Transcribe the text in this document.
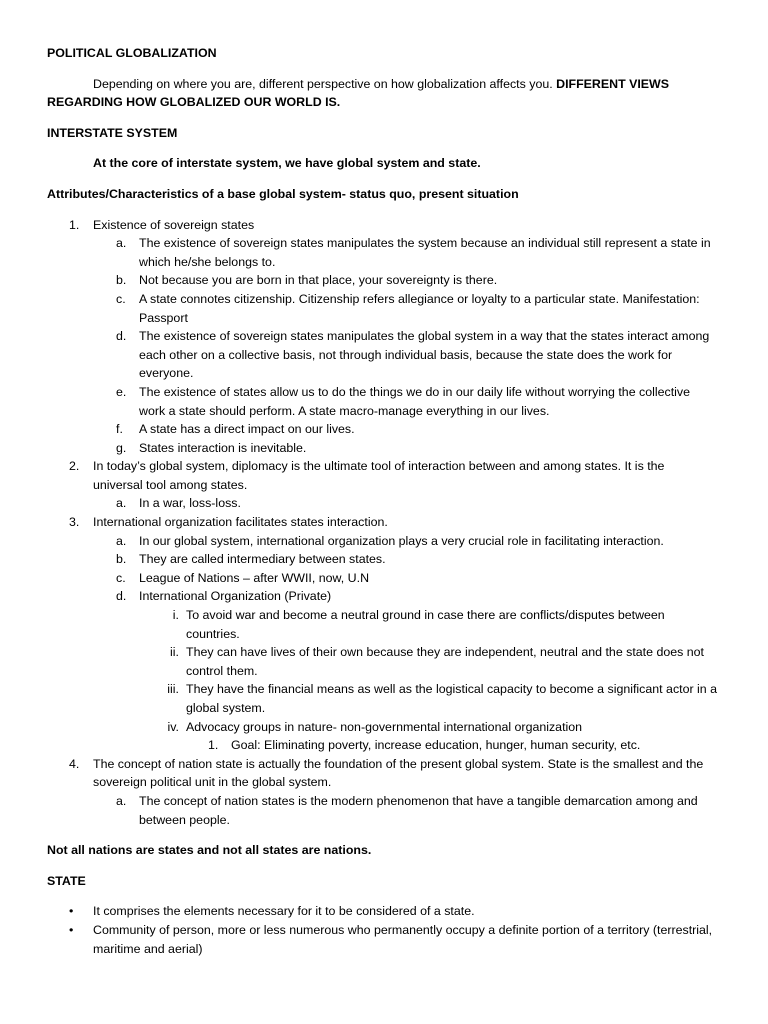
POLITICAL GLOBALIZATION

Depending on where you are, different perspective on how globalization affects you. DIFFERENT VIEWS REGARDING HOW GLOBALIZED OUR WORLD IS.

INTERSTATE SYSTEM

At the core of interstate system, we have global system and state.

Attributes/Characteristics of a base global system- status quo, present situation

1. Existence of sovereign states
a. The existence of sovereign states manipulates the system because an individual still represent a state in which he/she belongs to.
b. Not because you are born in that place, your sovereignty is there.
c. A state connotes citizenship. Citizenship refers allegiance or loyalty to a particular state. Manifestation: Passport
d. The existence of sovereign states manipulates the global system in a way that the states interact among each other on a collective basis, not through individual basis, because the state does the work for everyone.
e. The existence of states allow us to do the things we do in our daily life without worrying the collective work a state should perform. A state macro-manage everything in our lives.
f. A state has a direct impact on our lives.
g. States interaction is inevitable.
2. In today’s global system, diplomacy is the ultimate tool of interaction between and among states. It is the universal tool among states.
a. In a war, loss-loss.
3. International organization facilitates states interaction.
a. In our global system, international organization plays a very crucial role in facilitating interaction.
b. They are called intermediary between states.
c. League of Nations – after WWII, now, U.N
d. International Organization (Private)
i. To avoid war and become a neutral ground in case there are conflicts/disputes between countries.
ii. They can have lives of their own because they are independent, neutral and the state does not control them.
iii. They have the financial means as well as the logistical capacity to become a significant actor in a global system.
iv. Advocacy groups in nature- non-governmental international organization
1. Goal: Eliminating poverty, increase education, hunger, human security, etc.
4. The concept of nation state is actually the foundation of the present global system. State is the smallest and the sovereign political unit in the global system.
a. The concept of nation states is the modern phenomenon that have a tangible demarcation among and between people.

Not all nations are states and not all states are nations.

STATE

• It comprises the elements necessary for it to be considered of a state.
• Community of person, more or less numerous who permanently occupy a definite portion of a territory (terrestrial, maritime and aerial)
